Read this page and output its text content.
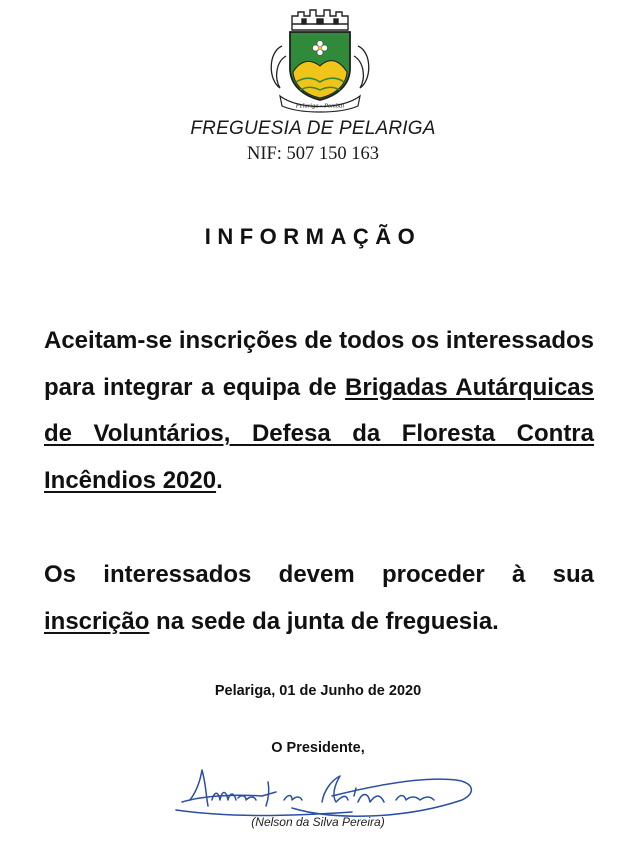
Pelariga - Pombal
FREGUESIA DE PELARIGA
NIF: 507 150 163
INFORMAÇÃO
Aceitam-se inscrições de todos os interessados para integrar a equipa de Brigadas Autárquicas de Voluntários, Defesa da Floresta Contra Incêndios 2020.
Os interessados devem proceder à sua inscrição na sede da junta de freguesia.
Pelariga, 01 de Junho de 2020
O Presidente,
(Nelson da Silva Pereira)
